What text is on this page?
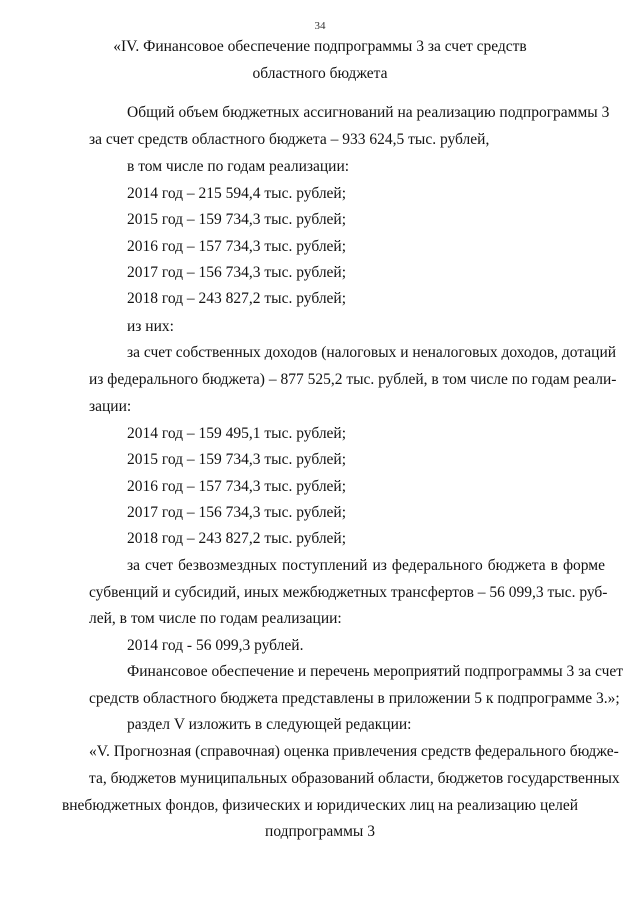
34
«IV. Финансовое обеспечение подпрограммы 3 за счет средств
областного бюджета
Общий объем бюджетных ассигнований на реализацию подпрограммы 3
за счет средств областного бюджета – 933 624,5 тыс. рублей,
в том числе по годам реализации:
2014 год – 215 594,4 тыс. рублей;
2015 год – 159 734,3 тыс. рублей;
2016 год – 157 734,3 тыс. рублей;
2017 год – 156 734,3 тыс. рублей;
2018 год – 243 827,2 тыс. рублей;
из них:
за счет собственных доходов (налоговых и неналоговых доходов, дотаций
из федерального бюджета) – 877 525,2 тыс. рублей, в том числе по годам реали-
зации:
2014 год – 159 495,1 тыс. рублей;
2015 год – 159 734,3 тыс. рублей;
2016 год – 157 734,3 тыс. рублей;
2017 год – 156 734,3 тыс. рублей;
2018 год – 243 827,2 тыс. рублей;
за счет безвозмездных поступлений из федерального бюджета в форме
субвенций и субсидий, иных межбюджетных трансфертов – 56 099,3 тыс. руб-
лей, в том числе по годам реализации:
2014 год - 56 099,3 рублей.
Финансовое обеспечение и перечень мероприятий подпрограммы 3 за счет
средств областного бюджета представлены в приложении 5 к подпрограмме 3.»;
раздел V изложить в следующей редакции:
«V. Прогнозная (справочная) оценка привлечения средств федерального бюдже-
та, бюджетов муниципальных образований области, бюджетов государственных
внебюджетных фондов, физических и юридических лиц на реализацию целей
подпрограммы 3
